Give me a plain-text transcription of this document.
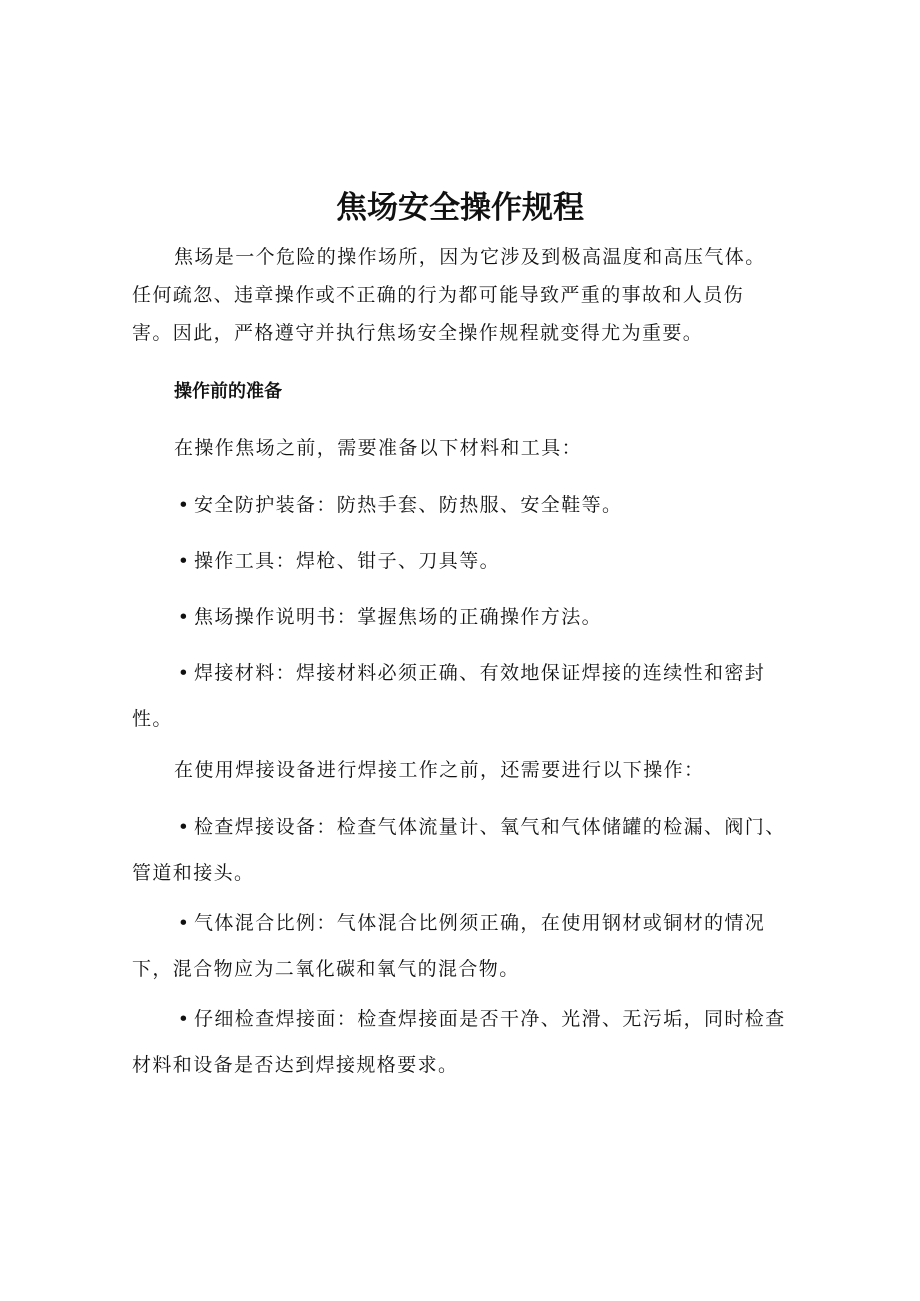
焦场安全操作规程

焦场是一个危险的操作场所，因为它涉及到极高温度和高压气体。任何疏忽、违章操作或不正确的行为都可能导致严重的事故和人员伤害。因此，严格遵守并执行焦场安全操作规程就变得尤为重要。

操作前的准备

在操作焦场之前，需要准备以下材料和工具：

• 安全防护装备：防热手套、防热服、安全鞋等。

• 操作工具：焊枪、钳子、刀具等。

• 焦场操作说明书：掌握焦场的正确操作方法。

• 焊接材料：焊接材料必须正确、有效地保证焊接的连续性和密封性。

在使用焊接设备进行焊接工作之前，还需要进行以下操作：

• 检查焊接设备：检查气体流量计、氧气和气体储罐的检漏、阀门、管道和接头。

• 气体混合比例：气体混合比例须正确，在使用钢材或铜材的情况下，混合物应为二氧化碳和氧气的混合物。

• 仔细检查焊接面：检查焊接面是否干净、光滑、无污垢，同时检查材料和设备是否达到焊接规格要求。
